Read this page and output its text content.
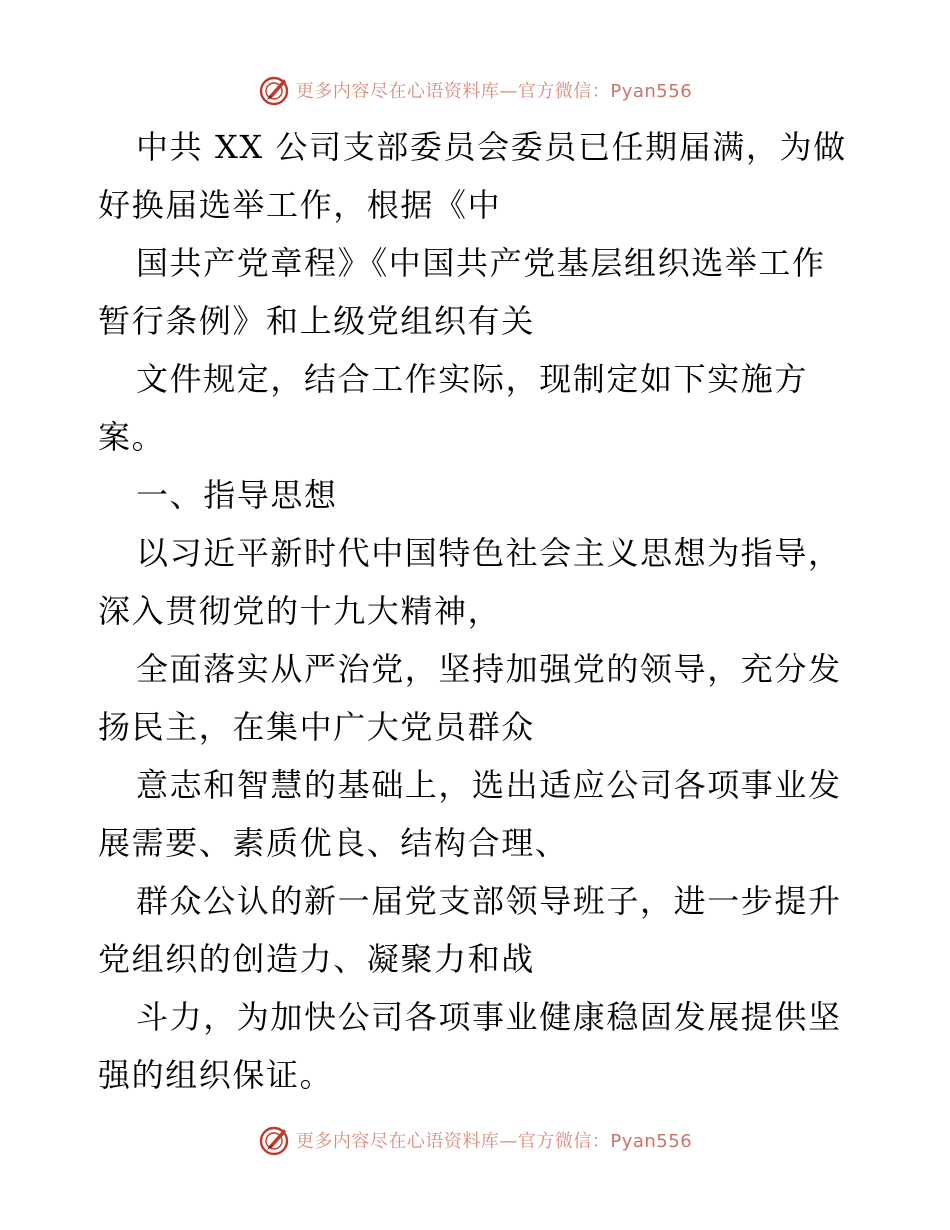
更多内容尽在心语资料库—官方微信：Pyan556

中共 XX 公司支部委员会委员已任期届满，为做
好换届选举工作，根据《中

国共产党章程》《中国共产党基层组织选举工作
暂行条例》和上级党组织有关

文件规定，结合工作实际，现制定如下实施方
案。

一、指导思想

以习近平新时代中国特色社会主义思想为指导，
深入贯彻党的十九大精神，

全面落实从严治党，坚持加强党的领导，充分发
扬民主，在集中广大党员群众

意志和智慧的基础上，选出适应公司各项事业发
展需要、素质优良、结构合理、

群众公认的新一届党支部领导班子，进一步提升
党组织的创造力、凝聚力和战

斗力，为加快公司各项事业健康稳固发展提供坚
强的组织保证。

更多内容尽在心语资料库—官方微信：Pyan556
